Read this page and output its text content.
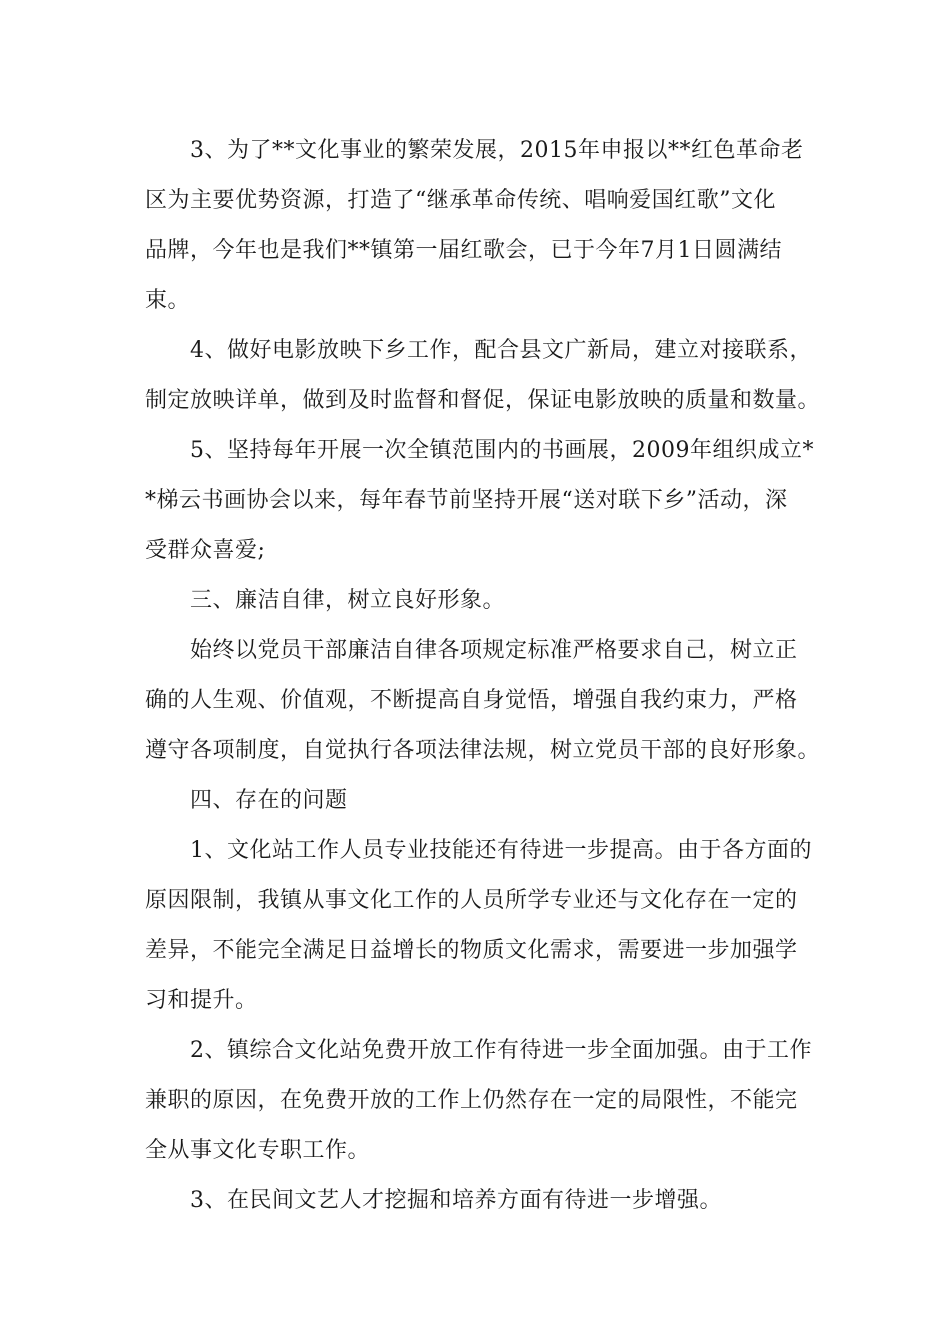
3、为了**文化事业的繁荣发展，2015年申报以**红色革命老
区为主要优势资源，打造了“继承革命传统、唱响爱国红歌”文化
品牌，今年也是我们**镇第一届红歌会，已于今年7月1日圆满结
束。
4、做好电影放映下乡工作，配合县文广新局，建立对接联系，
制定放映详单，做到及时监督和督促，保证电影放映的质量和数量。
5、坚持每年开展一次全镇范围内的书画展，2009年组织成立*
*梯云书画协会以来，每年春节前坚持开展“送对联下乡”活动，深
受群众喜爱;
三、廉洁自律，树立良好形象。
始终以党员干部廉洁自律各项规定标准严格要求自己，树立正
确的人生观、价值观，不断提高自身觉悟，增强自我约束力，严格
遵守各项制度，自觉执行各项法律法规，树立党员干部的良好形象。
四、存在的问题
1、文化站工作人员专业技能还有待进一步提高。由于各方面的
原因限制，我镇从事文化工作的人员所学专业还与文化存在一定的
差异，不能完全满足日益增长的物质文化需求，需要进一步加强学
习和提升。
2、镇综合文化站免费开放工作有待进一步全面加强。由于工作
兼职的原因，在免费开放的工作上仍然存在一定的局限性，不能完
全从事文化专职工作。
3、在民间文艺人才挖掘和培养方面有待进一步增强。
